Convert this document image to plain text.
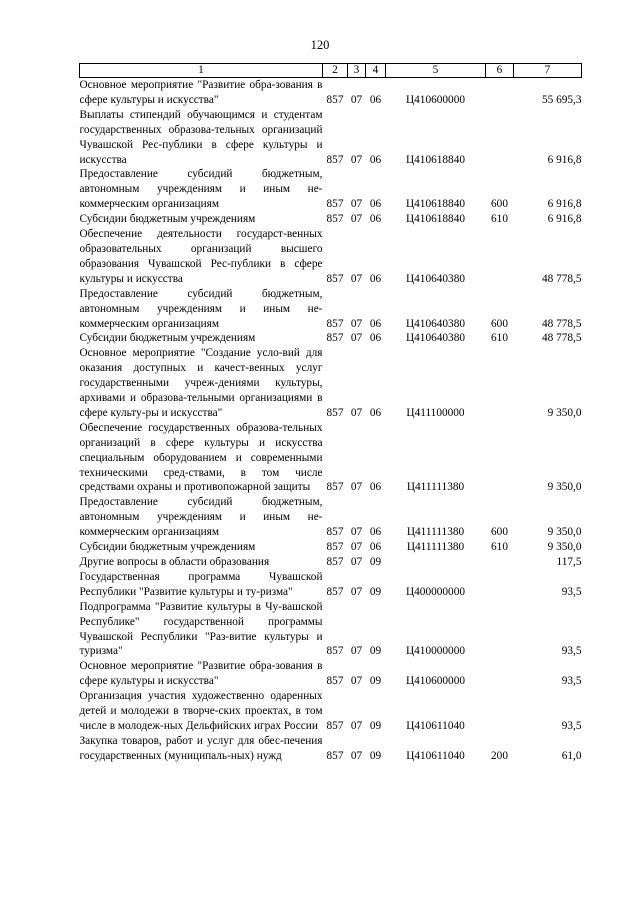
120
1	2	3	4	5	6	7
Основное мероприятие "Развитие обра-зования в сфере культуры и искусства"	857	07	06	Ц410600000		55 695,3
Выплаты стипендий обучающимся и студентам государственных образова-тельных организаций Чувашской Рес-публики в сфере культуры и искусства	857	07	06	Ц410618840		6 916,8
Предоставление субсидий бюджетным, автономным учреждениям и иным не-коммерческим организациям	857	07	06	Ц410618840	600	6 916,8
Субсидии бюджетным учреждениям	857	07	06	Ц410618840	610	6 916,8
Обеспечение деятельности государст-венных образовательных организаций высшего образования Чувашской Рес-публики в сфере культуры и искусства	857	07	06	Ц410640380		48 778,5
Предоставление субсидий бюджетным, автономным учреждениям и иным не-коммерческим организациям	857	07	06	Ц410640380	600	48 778,5
Субсидии бюджетным учреждениям	857	07	06	Ц410640380	610	48 778,5
Основное мероприятие "Создание усло-вий для оказания доступных и качест-венных услуг государственными учреж-дениями культуры, архивами и образова-тельными организациями в сфере культу-ры и искусства"	857	07	06	Ц411100000		9 350,0
Обеспечение государственных образова-тельных организаций в сфере культуры и искусства специальным оборудованием и современными техническими сред-ствами, в том числе средствами охраны и противопожарной защиты	857	07	06	Ц411111380		9 350,0
Предоставление субсидий бюджетным, автономным учреждениям и иным не-коммерческим организациям	857	07	06	Ц411111380	600	9 350,0
Субсидии бюджетным учреждениям	857	07	06	Ц411111380	610	9 350,0
Другие вопросы в области образования	857	07	09			117,5
Государственная программа Чувашской Республики "Развитие культуры и ту-ризма"	857	07	09	Ц400000000		93,5
Подпрограмма "Развитие культуры в Чу-вашской Республике" государственной программы Чувашской Республики "Раз-витие культуры и туризма"	857	07	09	Ц410000000		93,5
Основное мероприятие "Развитие обра-зования в сфере культуры и искусства"	857	07	09	Ц410600000		93,5
Организация участия художественно одаренных детей и молодежи в творче-ских проектах, в том числе в молодеж-ных Дельфийских играх России	857	07	09	Ц410611040		93,5
Закупка товаров, работ и услуг для обес-печения государственных (муниципаль-ных) нужд	857	07	09	Ц410611040	200	61,0
